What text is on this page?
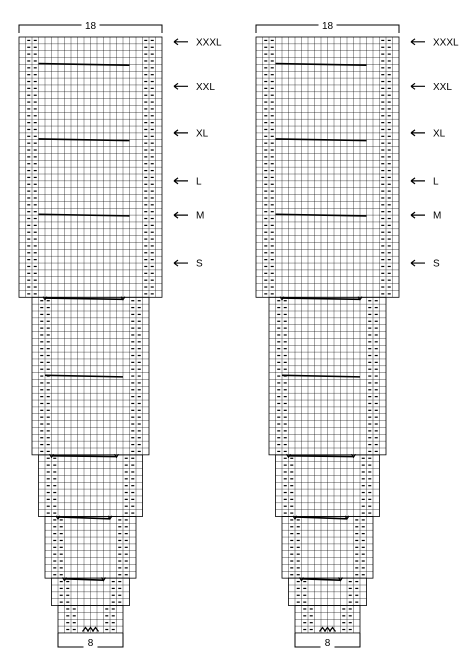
XXXL
XXL
XL
L
M
S
18
8
XXXL
XXL
XL
L
M
S
18
8
